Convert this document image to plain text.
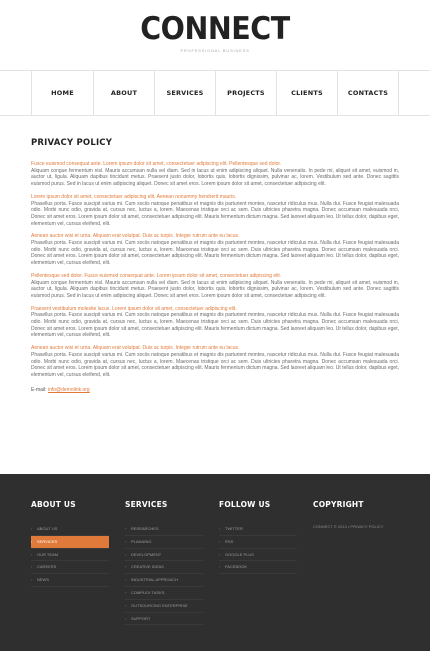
CONNECT
PROFESSIONAL BUSINESS
HOME	ABOUT	SERVICES	PROJECTS	CLIENTS	CONTACTS
PRIVACY POLICY

Fusce euismod consequat ante. Lorem ipsum dolor sit amet, consectetuer adipiscing elit. Pellentesque sed dolor.

Aliquam congue fermentum nisl. Mauris accumsan nulla vel diam. Sed in lacus ut enim adipiscing aliquet. Nulla venenatis. In pede mi, aliquet sit amet, euismod in, auctor ut, ligula. Aliquam dapibus tincidunt metus. Praesent justo dolor, lobortis quis, lobortis dignissim, pulvinar ac, lorem. Vestibulum sed ante. Donec sagittis euismod purus. Sed in lacus ut enim adipiscing aliquet. Donec sit amet eros. Lorem ipsum dolor sit amet, consectetuer adipiscing elit.

Lorem ipsum dolor sit amet, consectetuer adipiscing elit. Aenean nonummy hendrerit mauris.

Phasellus porta. Fusce suscipit varius mi. Cum sociis natoque penatibus et magnis dis parturient montes, nascetur ridiculus mus. Nulla dui. Fusce feugiat malesuada odio. Morbi nunc odio, gravida at, cursus nec, luctus a, lorem. Maecenas tristique orci ac sem. Duis ultricies pharetra magna. Donec accumsan malesuada orci. Donec sit amet eros. Lorem ipsum dolor sit amet, consectetuer adipiscing elit. Mauris fermentum dictum magna. Sed laoreet aliquam leo. Ut tellus dolor, dapibus eget, elementum vel, cursus eleifend, elit.

Aenean auctor wisi et urna. Aliquam erat volutpat. Duis ac turpis. Integer rutrum ante eu lacus.

Phasellus porta. Fusce suscipit varius mi. Cum sociis natoque penatibus et magnis dis parturient montes, nascetur ridiculus mus. Nulla dui. Fusce feugiat malesuada odio. Morbi nunc odio, gravida at, cursus nec, luctus a, lorem. Maecenas tristique orci ac sem. Duis ultricies pharetra magna. Donec accumsan malesuada orci. Donec sit amet eros. Lorem ipsum dolor sit amet, consectetuer adipiscing elit. Mauris fermentum dictum magna. Sed laoreet aliquam leo. Ut tellus dolor, dapibus eget, elementum vel, cursus eleifend, elit.

Pellentesque sed dolor. Fusce euismod consequat ante. Lorem ipsum dolor sit amet, consectetuer adipiscing elit.

Aliquam congue fermentum nisl. Mauris accumsan nulla vel diam. Sed in lacus ut enim adipiscing aliquet. Nulla venenatis. In pede mi, aliquet sit amet, euismod in, auctor ut, ligula. Aliquam dapibus tincidunt metus. Praesent justo dolor, lobortis quis, lobortis dignissim, pulvinar ac, lorem. Vestibulum sed ante. Donec sagittis euismod purus. Sed in lacus ut enim adipiscing aliquet. Donec sit amet eros. Lorem ipsum dolor sit amet, consectetuer adipiscing elit.

Praesent vestibulum molestie lacus. Lorem ipsum dolor sit amet, consectetuer adipiscing elit.

Phasellus porta. Fusce suscipit varius mi. Cum sociis natoque penatibus et magnis dis parturient montes, nascetur ridiculus mus. Nulla dui. Fusce feugiat malesuada odio. Morbi nunc odio, gravida at, cursus nec, luctus a, lorem. Maecenas tristique orci ac sem. Duis ultricies pharetra magna. Donec accumsan malesuada orci. Donec sit amet eros. Lorem ipsum dolor sit amet, consectetuer adipiscing elit. Mauris fermentum dictum magna. Sed laoreet aliquam leo. Ut tellus dolor, dapibus eget, elementum vel, cursus eleifend, elit.

Aenean auctor wisi et urna. Aliquam erat volutpat. Duis ac turpis. Integer rutrum ante eu lacus.

Phasellus porta. Fusce suscipit varius mi. Cum sociis natoque penatibus et magnis dis parturient montes, nascetur ridiculus mus. Nulla dui. Fusce feugiat malesuada odio. Morbi nunc odio, gravida at, cursus nec, luctus a, lorem. Maecenas tristique orci ac sem. Duis ultricies pharetra magna. Donec accumsan malesuada orci. Donec sit amet eros. Lorem ipsum dolor sit amet, consectetuer adipiscing elit. Mauris fermentum dictum magna. Sed laoreet aliquam leo. Ut tellus dolor, dapibus eget, elementum vel, cursus eleifend, elit.

E-mail: info@demolink.org
ABOUT US
› ABOUT US
› SERVICES
› OUR TEAM
› CAREERS
› NEWS
SERVICES
› RESEARCHES
› PLANNING
› DEVELOPMENT
› CREATIVE IDEAS
› INDUSTRIAL APPROACH
› COMPLEX TASKS
› OUTSOURCING ENTERPRISE
› SUPPORT
FOLLOW US
› TWITTER
› RSS
› GOOGLE PLUS
› FACEBOOK
COPYRIGHT
CONNECT © 2013 • PRIVACY POLICY
